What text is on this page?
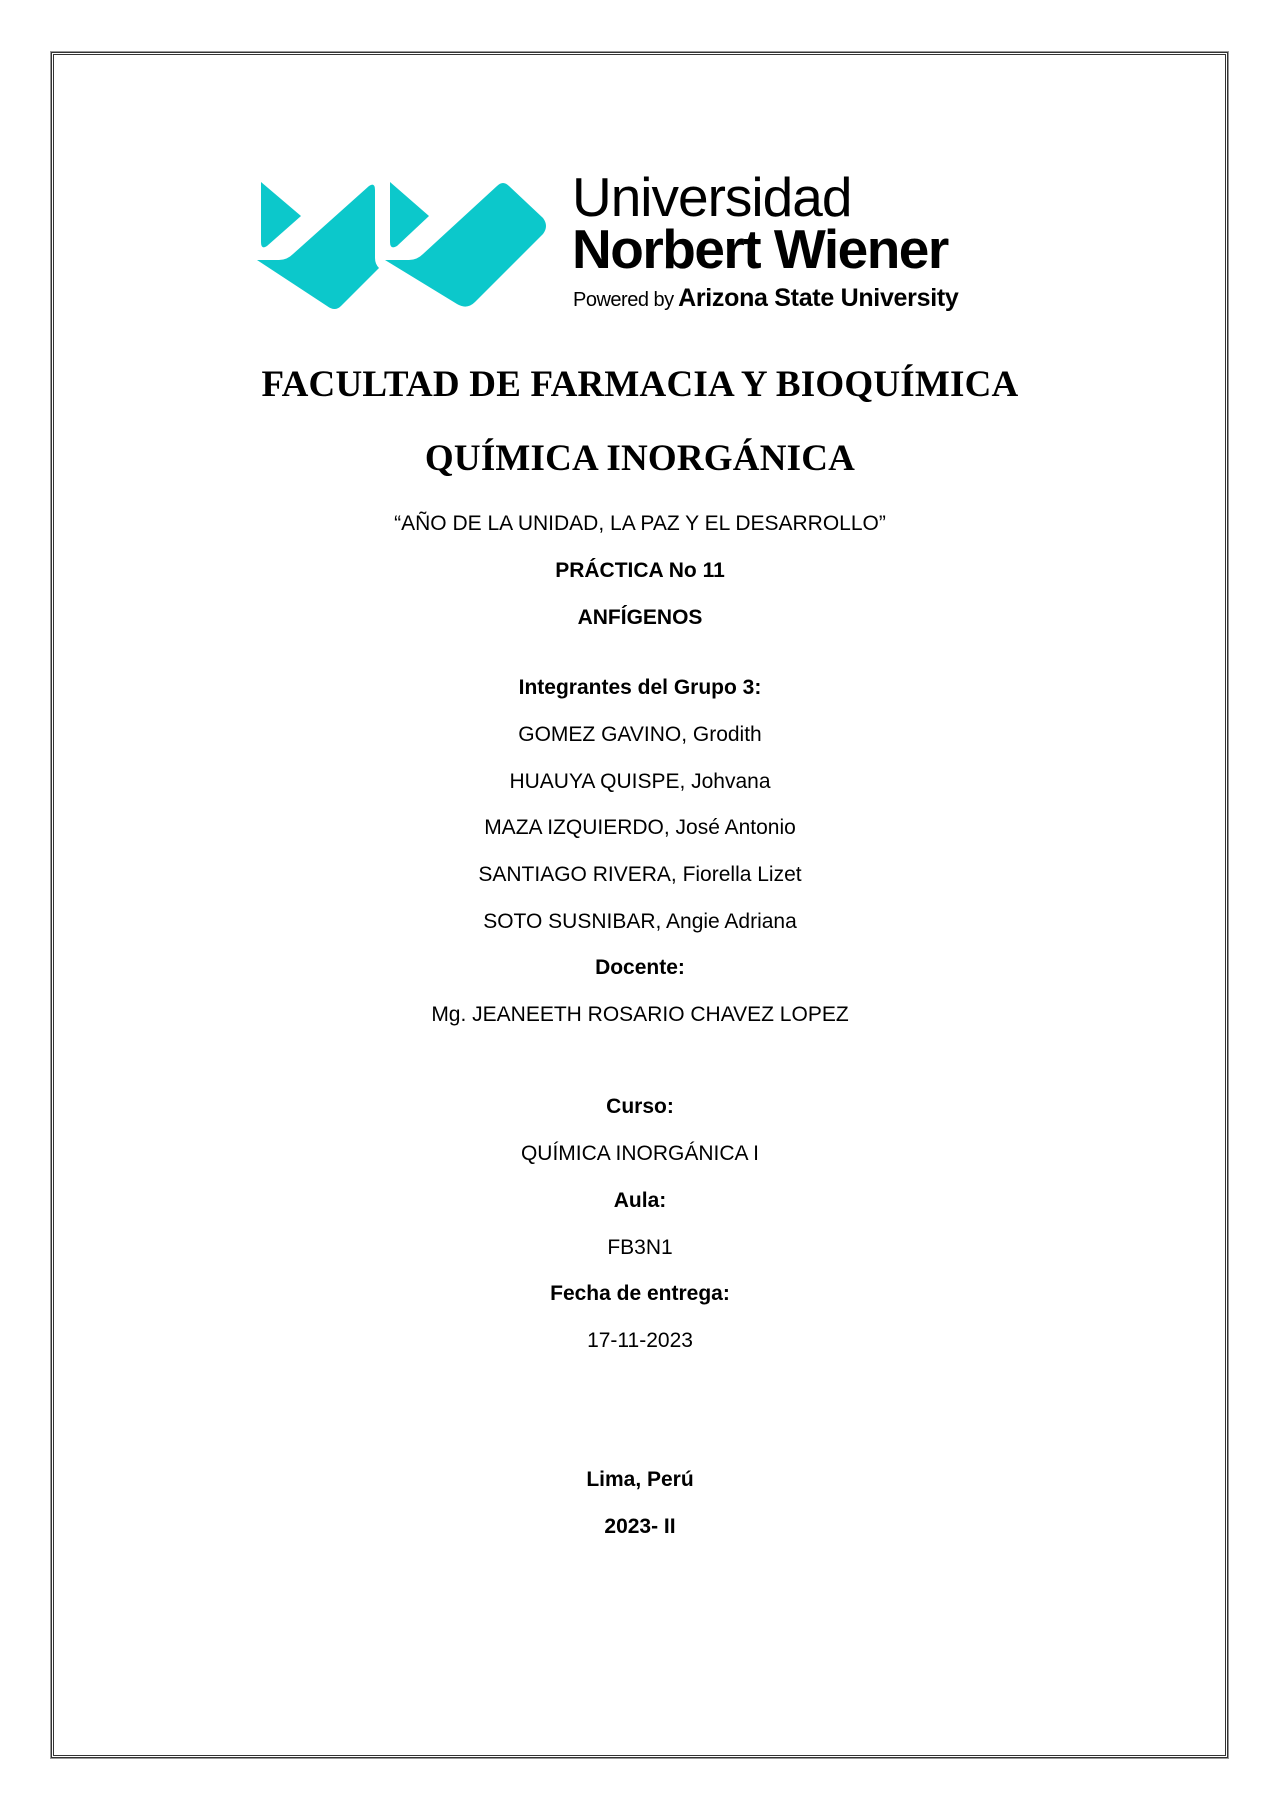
Universidad
Norbert Wiener
Powered by Arizona State University
FACULTAD DE FARMACIA Y BIOQUÍMICA
QUÍMICA INORGÁNICA
“AÑO DE LA UNIDAD, LA PAZ Y EL DESARROLLO”
PRÁCTICA No 11
ANFÍGENOS
Integrantes del Grupo 3:
GOMEZ GAVINO, Grodith
HUAUYA QUISPE, Johvana
MAZA IZQUIERDO, José Antonio
SANTIAGO RIVERA, Fiorella Lizet
SOTO SUSNIBAR, Angie Adriana
Docente:
Mg. JEANEETH ROSARIO CHAVEZ LOPEZ
Curso:
QUÍMICA INORGÁNICA I
Aula:
FB3N1
Fecha de entrega:
17-11-2023
Lima, Perú
2023- II
